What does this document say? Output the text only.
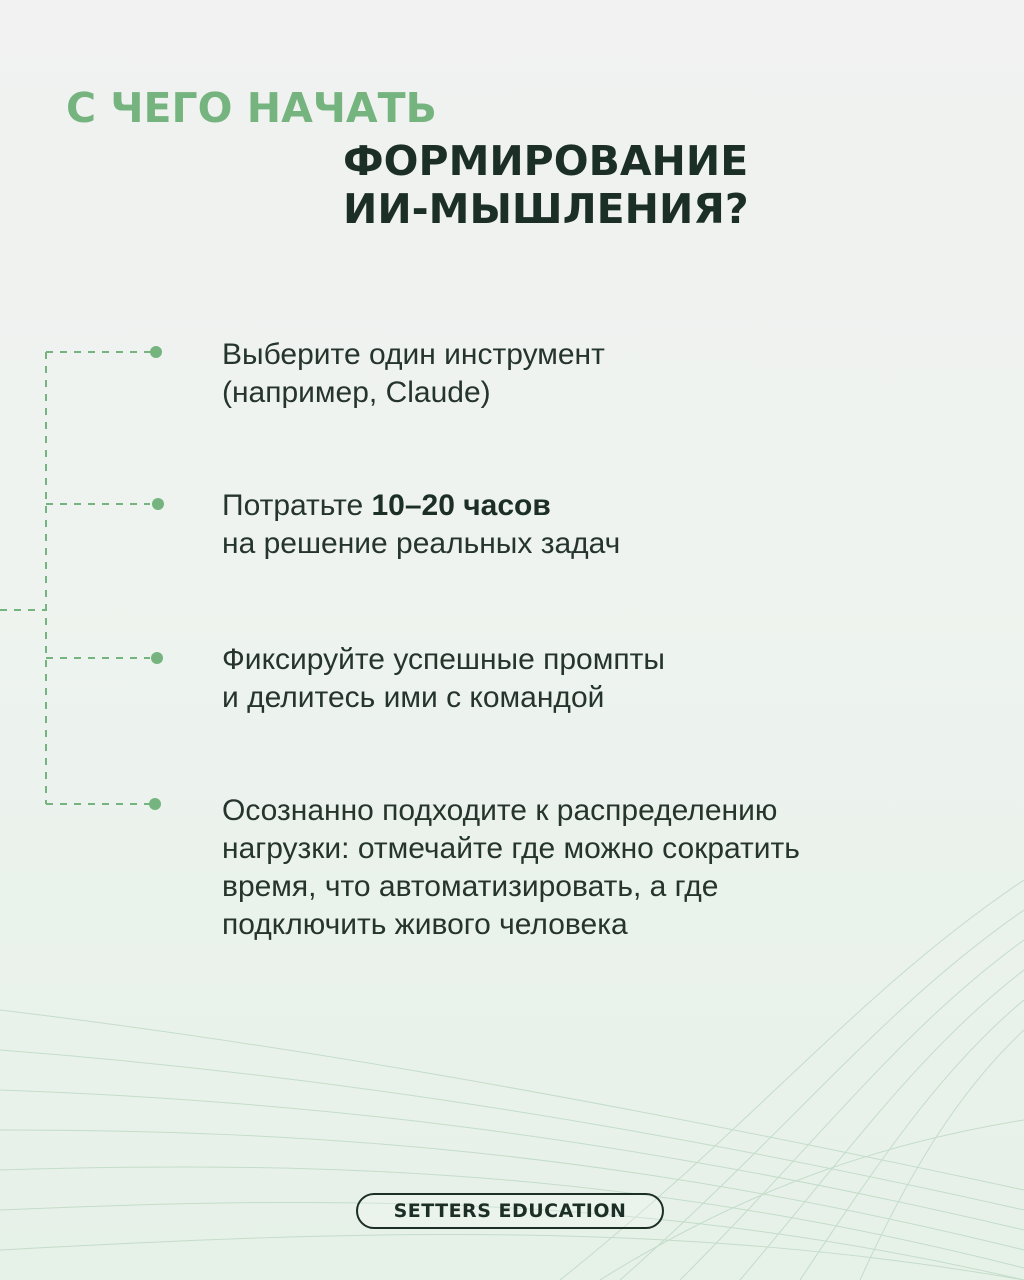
С ЧЕГО НАЧАТЬ
ФОРМИРОВАНИЕ
ИИ-МЫШЛЕНИЯ?

Выберите один инструмент
(например, Claude)

Потратьте 10–20 часов
на решение реальных задач

Фиксируйте успешные промпты
и делитесь ими с командой

Осознанно подходите к распределению
нагрузки: отмечайте где можно сократить
время, что автоматизировать, а где
подключить живого человека

SETTERS EDUCATION
